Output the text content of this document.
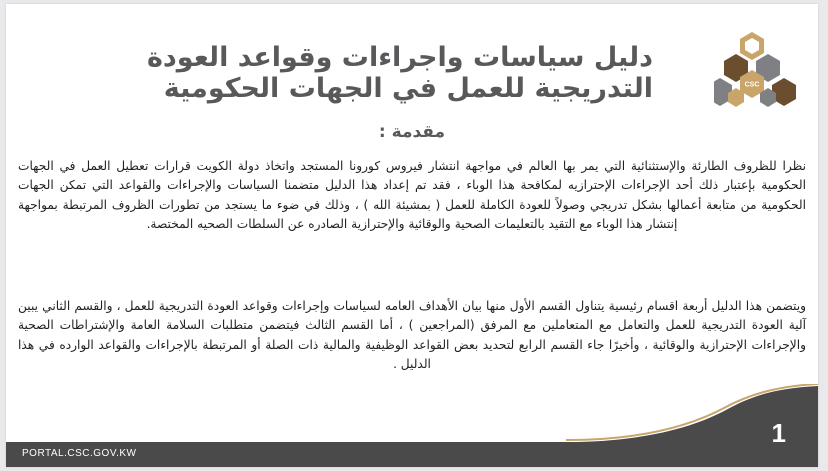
CSC
دليل سياسات واجراءات وقواعد العودة
التدريجية للعمل في الجهات الحكومية
مقدمة :
نظرا للظروف الطارئة والإستثنائية التي يمر بها العالم في مواجهة انتشار فيروس كورونا المستجد واتخاذ دولة الكويت قرارات تعطيل العمل في الجهات الحكومية بإعتبار ذلك أحد الإجراءات الإحترازيه لمكافحة هذا الوباء ، فقد تم إعداد هذا الدليل متضمنا السياسات والإجراءات والقواعد التي تمكن الجهات الحكومية من متابعة أعمالها بشكل تدريجي وصولاً للعودة الكاملة للعمل ( بمشيئة الله ) ، وذلك في ضوء ما يستجد من تطورات الظروف المرتبطة بمواجهة إنتشار هذا الوباء مع التقيد بالتعليمات الصحية والوقائية والإحترازية الصادره عن السلطات الصحيه المختصة.
ويتضمن هذا الدليل أربعة اقسام رئيسية يتناول القسم الأول منها بيان الأهداف العامه لسياسات وإجراءات وقواعد العودة التدريجية للعمل ، والقسم الثاني يبين آلية العودة التدريجية للعمل والتعامل مع المتعاملين مع المرفق (المراجعين ) ، أما القسم الثالث فيتضمن متطلبات السلامة العامة والإشتراطات الصحية والإجراءات الإحترازية والوقائية ، وأخيرًا جاء القسم الرابع لتحديد بعض القواعد الوظيفية والمالية ذات الصلة أو المرتبطة بالإجراءات والقواعد الوارده في هذا الدليل .
PORTAL.CSC.GOV.KW
1
